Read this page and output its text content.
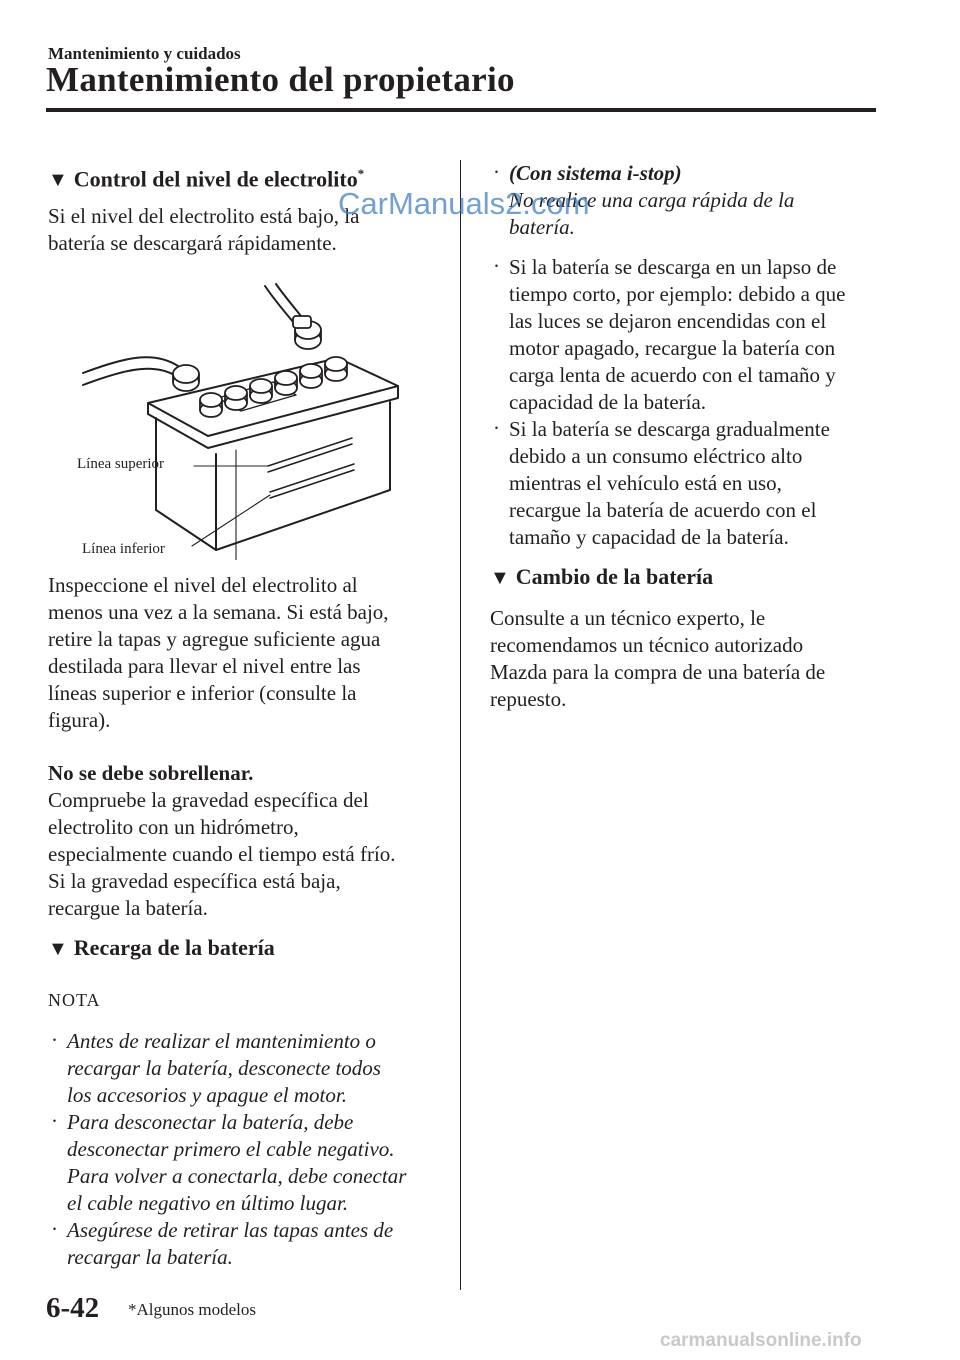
Mantenimiento y cuidados
Mantenimiento del propietario
▼ Control del nivel de electrolito*
Si el nivel del electrolito está bajo, la
batería se descargará rápidamente.
Línea superior
Línea inferior
Inspeccione el nivel del electrolito al
menos una vez a la semana. Si está bajo,
retire la tapas y agregue suficiente agua
destilada para llevar el nivel entre las
líneas superior e inferior (consulte la
figura).
No se debe sobrellenar.
Compruebe la gravedad específica del
electrolito con un hidrómetro,
especialmente cuando el tiempo está frío.
Si la gravedad específica está baja,
recargue la batería.
▼ Recarga de la batería
NOTA
· Antes de realizar el mantenimiento o
recargar la batería, desconecte todos
los accesorios y apague el motor.
· Para desconectar la batería, debe
desconectar primero el cable negativo.
Para volver a conectarla, debe conectar
el cable negativo en último lugar.
· Asegúrese de retirar las tapas antes de
recargar la batería.
· (Con sistema i-stop)
No realice una carga rápida de la
batería.
· Si la batería se descarga en un lapso de
tiempo corto, por ejemplo: debido a que
las luces se dejaron encendidas con el
motor apagado, recargue la batería con
carga lenta de acuerdo con el tamaño y
capacidad de la batería.
· Si la batería se descarga gradualmente
debido a un consumo eléctrico alto
mientras el vehículo está en uso,
recargue la batería de acuerdo con el
tamaño y capacidad de la batería.
▼ Cambio de la batería
Consulte a un técnico experto, le
recomendamos un técnico autorizado
Mazda para la compra de una batería de
repuesto.
CarManuals2.com
6-42 *Algunos modelos
carmanualsonline.info
